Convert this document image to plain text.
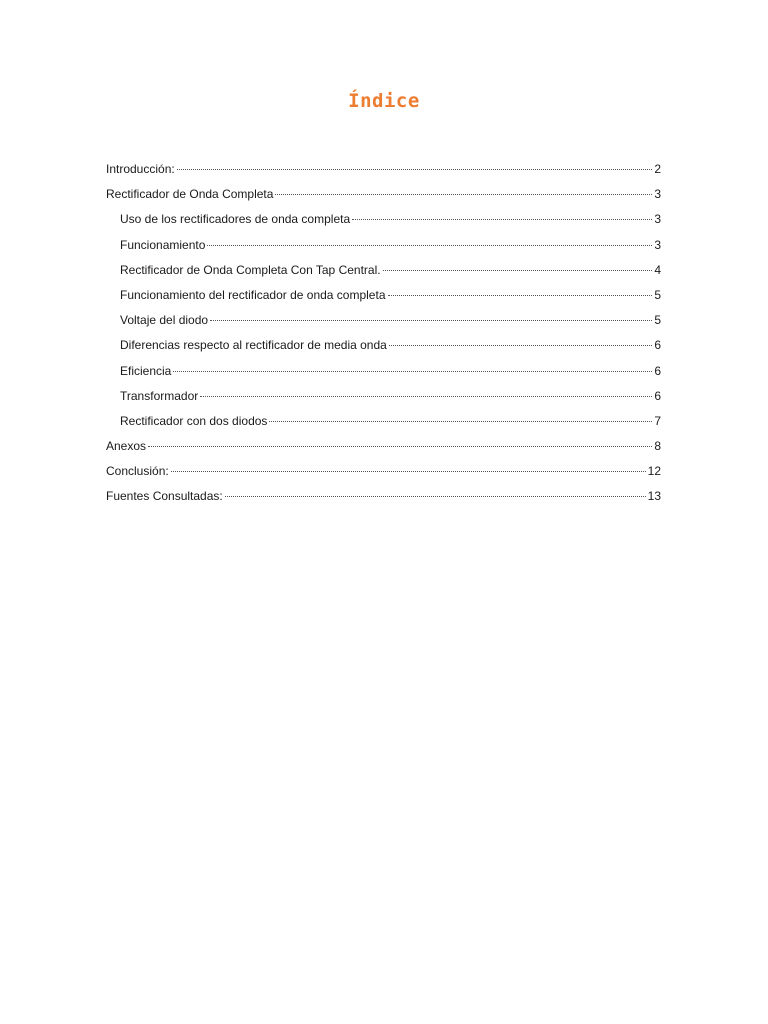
Índice
Introducción:	2
Rectificador de Onda Completa	3
Uso de los rectificadores de onda completa	3
Funcionamiento	3
Rectificador de Onda Completa Con Tap Central.	4
Funcionamiento del rectificador de onda completa	5
Voltaje del diodo	5
Diferencias respecto al rectificador de media onda	6
Eficiencia	6
Transformador	6
Rectificador con dos diodos	7
Anexos	8
Conclusión:	12
Fuentes Consultadas:	13
